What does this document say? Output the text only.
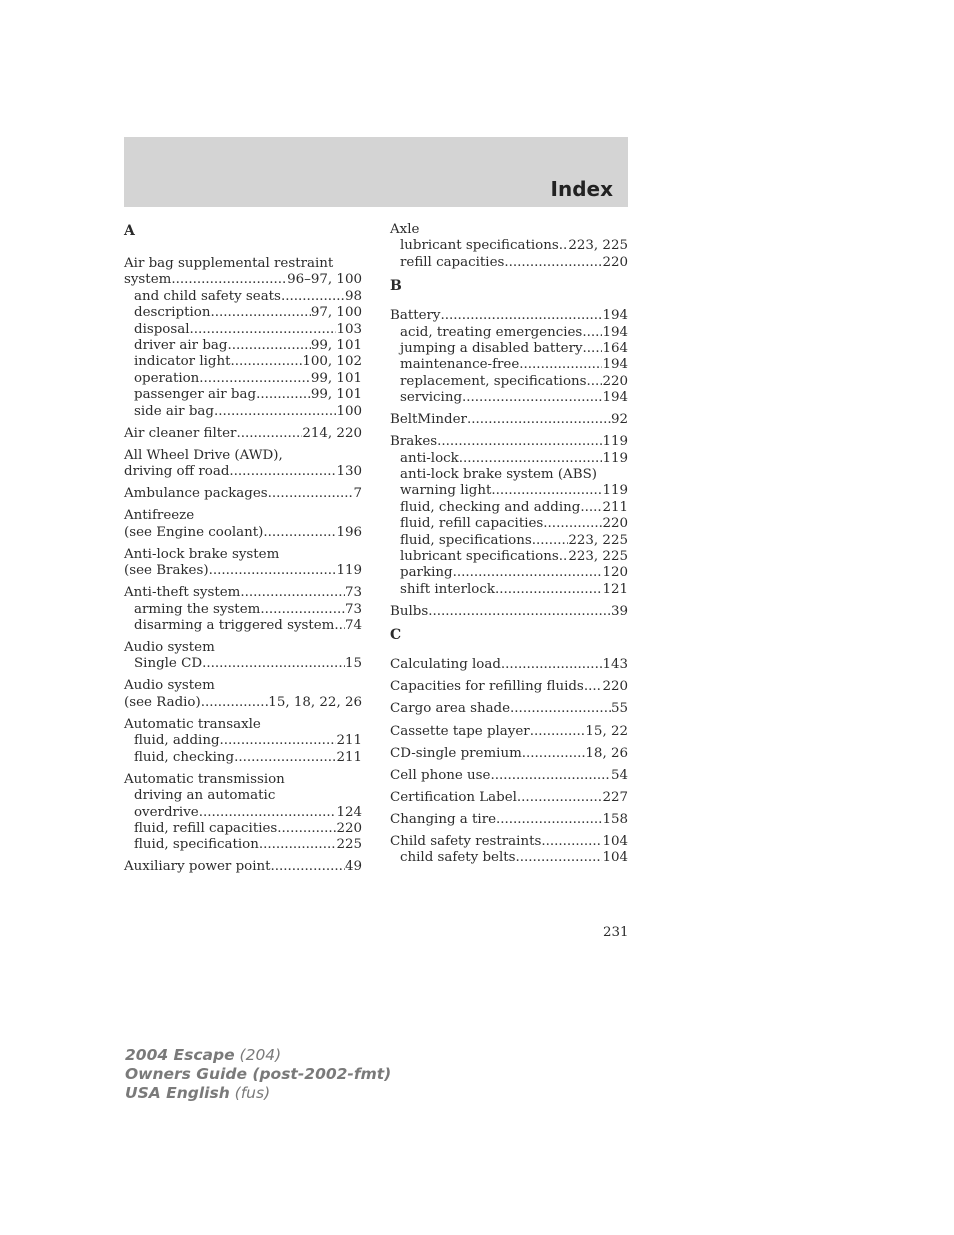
Index
A
Air bag supplemental restraint
system .....	96–97, 100
and child safety seats .....	98
description .....	97, 100
disposal .....	103
driver air bag .....	99, 101
indicator light .....	100, 102
operation .....	99, 101
passenger air bag .....	99, 101
side air bag .....	100
Air cleaner filter .....	214, 220
All Wheel Drive (AWD),
driving off road .....	130
Ambulance packages .....	7
Antifreeze
(see Engine coolant) .....	196
Anti-lock brake system
(see Brakes) .....	119
Anti-theft system .....	73
arming the system .....	73
disarming a triggered system ..... 74
Audio system
Single CD .....	15
Audio system
(see Radio) .....	15, 18, 22, 26
Automatic transaxle
fluid, adding .....	211
fluid, checking .....	211
Automatic transmission
driving an automatic
overdrive .....	124
fluid, refill capacities .....	220
fluid, specification .....	225
Auxiliary power point .....	49
Axle
lubricant specifications ..... 223, 225
refill capacities .....	220
B
Battery .....	194
acid, treating emergencies ..... 194
jumping a disabled battery ..... 164
maintenance-free .....	194
replacement, specifications ..... 220
servicing .....	194
BeltMinder .....	92
Brakes .....	119
anti-lock .....	119
anti-lock brake system (ABS)
warning light .....	119
fluid, checking and adding ..... 211
fluid, refill capacities .....	220
fluid, specifications .....	223, 225
lubricant specifications ..... 223, 225
parking .....	120
shift interlock .....	121
Bulbs .....	39
C
Calculating load .....	143
Capacities for refilling fluids ..... 220
Cargo area shade .....	55
Cassette tape player .....	15, 22
CD-single premium .....	18, 26
Cell phone use .....	54
Certification Label .....	227
Changing a tire .....	158
Child safety restraints .....	104
child safety belts .....	104
231
2004 Escape (204)
Owners Guide (post-2002-fmt)
USA English (fus)
